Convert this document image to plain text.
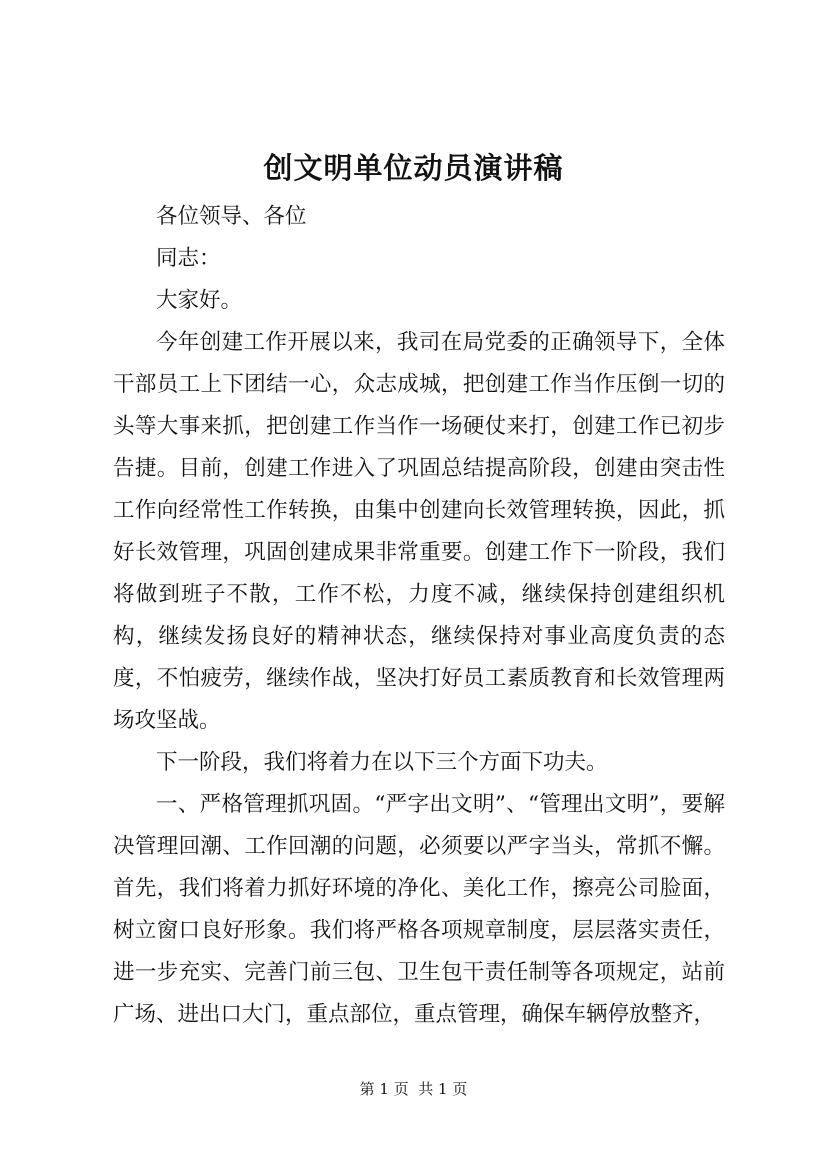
创文明单位动员演讲稿

各位领导、各位

同志：

大家好。

今年创建工作开展以来，我司在局党委的正确领导下，全体干部员工上下团结一心，众志成城，把创建工作当作压倒一切的头等大事来抓，把创建工作当作一场硬仗来打，创建工作已初步告捷。目前，创建工作进入了巩固总结提高阶段，创建由突击性工作向经常性工作转换，由集中创建向长效管理转换，因此，抓好长效管理，巩固创建成果非常重要。创建工作下一阶段，我们将做到班子不散，工作不松，力度不减，继续保持创建组织机构，继续发扬良好的精神状态，继续保持对事业高度负责的态度，不怕疲劳，继续作战，坚决打好员工素质教育和长效管理两场攻坚战。

下一阶段，我们将着力在以下三个方面下功夫。

一、严格管理抓巩固。“严字出文明”、“管理出文明”，要解决管理回潮、工作回潮的问题，必须要以严字当头，常抓不懈。首先，我们将着力抓好环境的净化、美化工作，擦亮公司脸面，树立窗口良好形象。我们将严格各项规章制度，层层落实责任，进一步充实、完善门前三包、卫生包干责任制等各项规定，站前广场、进出口大门，重点部位，重点管理，确保车辆停放整齐，

第 1 页  共 1 页
